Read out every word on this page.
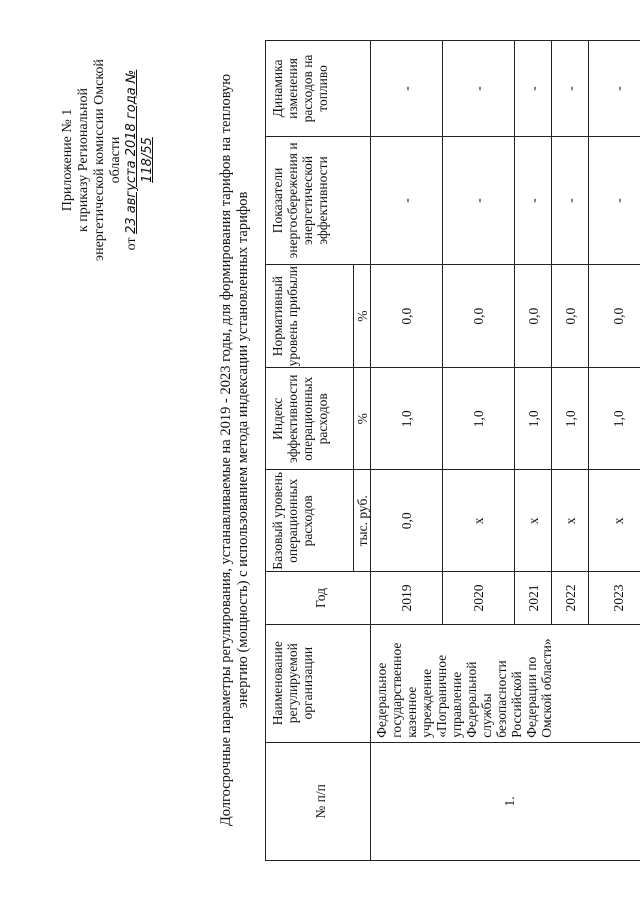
Приложение № 1 к приказу Региональной энергетической комиссии Омской области
от 23 августа 2018 года № 118/55	Долгосрочные параметры регулирования, устанавливаемые на 2019 - 2023 годы, для формирования тарифов на тепловую энергию (мощность) с использованием метода индексации установленных тарифов
№ п/п	Наименование регулируемой организации	Год	Базовый уровень операционных расходов	Индекс эффективности операционных расходов	Нормативный уровень прибыли	Показатели энергосбережения и энергетической эффективности	Динамика изменения расходов на топливо
			тыс. руб.	%	%		
1.	Федеральное государственное казенное учреждение «Пограничное управление Федеральной службы безопасности Российской Федерации по Омской области»	2019	0,0	1,0	0,0	-	-
		2020	x	1,0	0,0	-	-
		2021	x	1,0	0,0	-	-
		2022	x	1,0	0,0	-	-
		2023	x	1,0	0,0	-	-
